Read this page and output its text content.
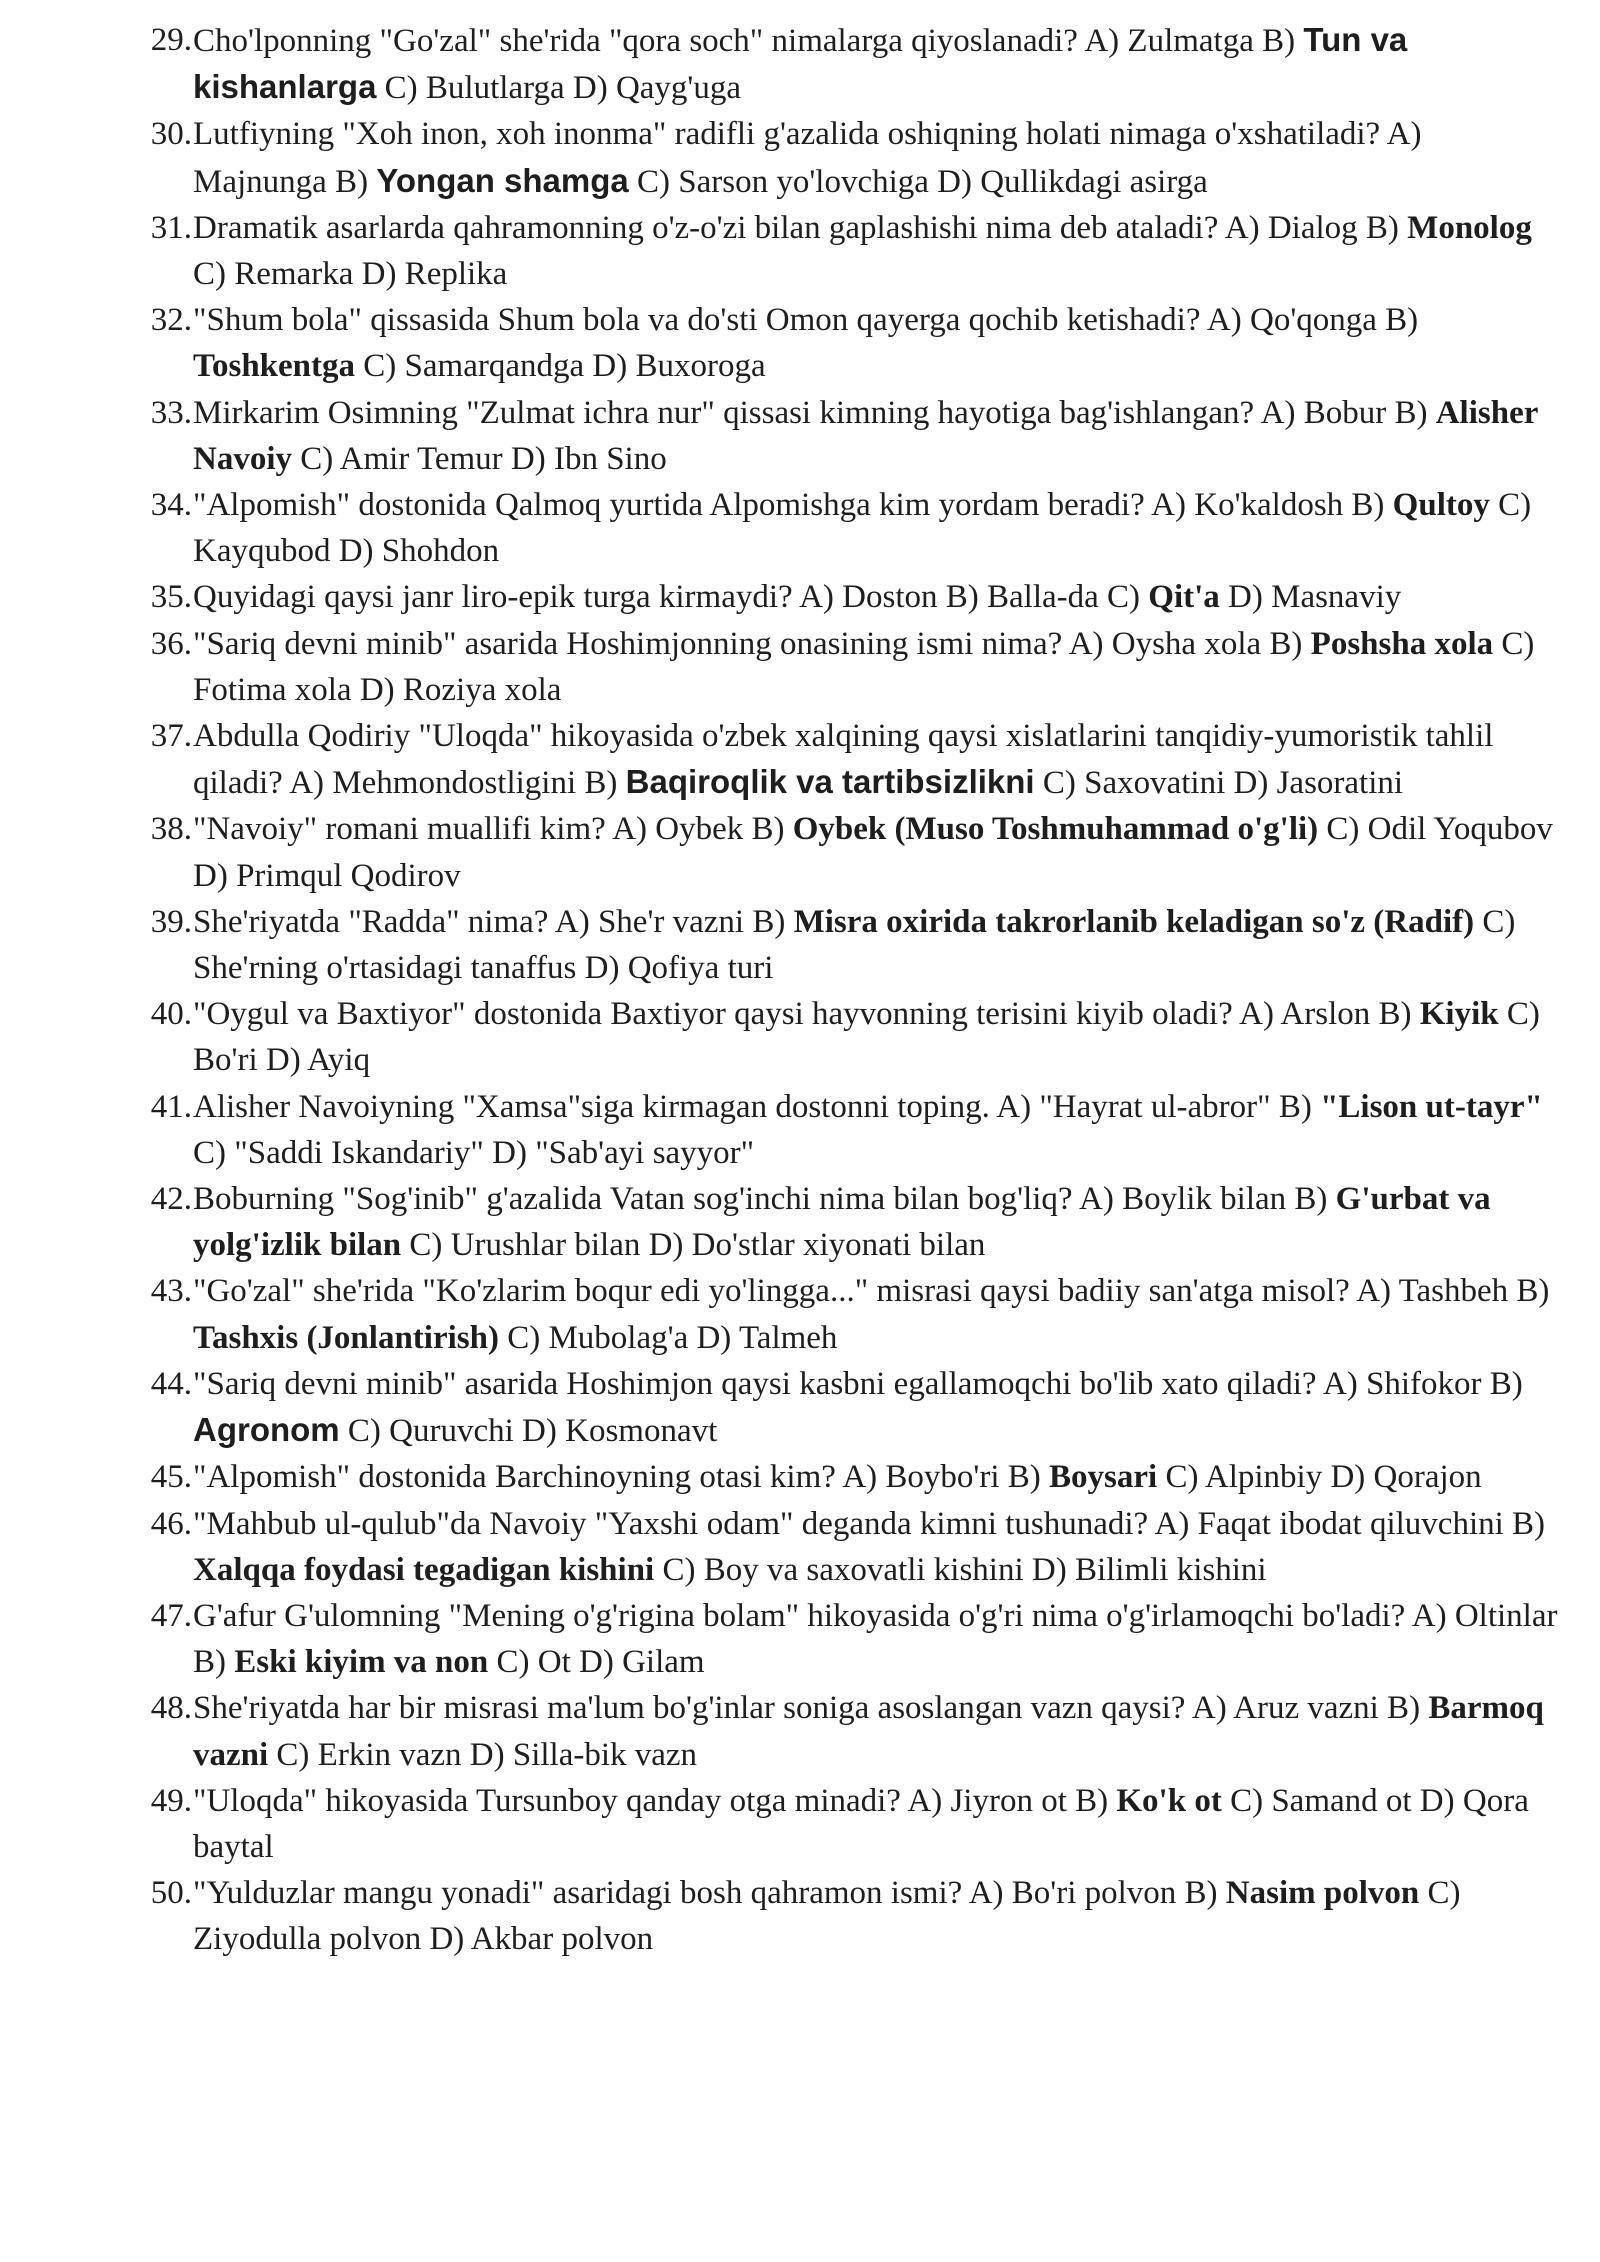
29. Cho'lponning "Go'zal" she'rida "qora soch" nimalarga qiyoslanadi? A) Zulmatga B) Tun va kishanlarga C) Bulutlarga D) Qayg'uga
30. Lutfiyning "Xoh inon, xoh inonma" radifli g'azalida oshiqning holati nimaga o'xshatiladi? A) Majnunga B) Yongan shamga C) Sarson yo'lovchiga D) Qullikdagi asirga
31. Dramatik asarlarda qahramonning o'z-o'zi bilan gaplashishi nima deb ataladi? A) Dialog B) Monolog C) Remarka D) Replika
32. "Shum bola" qissasida Shum bola va do'sti Omon qayerga qochib ketishadi? A) Qo'qonga B) Toshkentga C) Samarqandga D) Buxoroga
33. Mirkarim Osimning "Zulmat ichra nur" qissasi kimning hayotiga bag'ishlangan? A) Bobur B) Alisher Navoiy C) Amir Temur D) Ibn Sino
34. "Alpomish" dostonida Qalmoq yurtida Alpomishga kim yordam beradi? A) Ko'kaldosh B) Qultoy C) Kayqubod D) Shohdon
35. Quyidagi qaysi janr liro-epik turga kirmaydi? A) Doston B) Balla-da C) Qit'a D) Masnaviy
36. "Sariq devni minib" asarida Hoshimjonning onasining ismi nima? A) Oysha xola B) Poshsha xola C) Fotima xola D) Roziya xola
37. Abdulla Qodiriy "Uloqda" hikoyasida o'zbek xalqining qaysi xislatlarini tanqidiy-yumoristik tahlil qiladi? A) Mehmondostligini B) Baqiroqlik va tartibsizlikni C) Saxovatini D) Jasoratini
38. "Navoiy" romani muallifi kim? A) Oybek B) Oybek (Muso Toshmuhammad o'g'li) C) Odil Yoqubov D) Primqul Qodirov
39. She'riyatda "Radda" nima? A) She'r vazni B) Misra oxirida takrorlanib keladigan so'z (Radif) C) She'rning o'rtasidagi tanaffus D) Qofiya turi
40. "Oygul va Baxtiyor" dostonida Baxtiyor qaysi hayvonning terisini kiyib oladi? A) Arslon B) Kiyik C) Bo'ri D) Ayiq
41. Alisher Navoiyning "Xamsa"siga kirmagan dostonni toping. A) "Hayrat ul-abror" B) "Lison ut-tayr" C) "Saddi Iskandariy" D) "Sab'ayi sayyor"
42. Boburning "Sog'inib" g'azalida Vatan sog'inchi nima bilan bog'liq? A) Boylik bilan B) G'urbat va yolg'izlik bilan C) Urushlar bilan D) Do'stlar xiyonati bilan
43. "Go'zal" she'rida "Ko'zlarim boqur edi yo'lingga..." misrasi qaysi badiiy san'atga misol? A) Tashbeh B) Tashxis (Jonlantirish) C) Mubolag'a D) Talmeh
44. "Sariq devni minib" asarida Hoshimjon qaysi kasbni egallamoqchi bo'lib xato qiladi? A) Shifokor B) Agronom C) Quruvchi D) Kosmonavt
45. "Alpomish" dostonida Barchinoyning otasi kim? A) Boybo'ri B) Boysari C) Alpinbiy D) Qorajon
46. "Mahbub ul-qulub"da Navoiy "Yaxshi odam" deganda kimni tushunadi? A) Faqat ibodat qiluvchini B) Xalqqa foydasi tegadigan kishini C) Boy va saxovatli kishini D) Bilimli kishini
47. G'afur G'ulomning "Mening o'g'rigina bolam" hikoyasida o'g'ri nima o'g'irlamoqchi bo'ladi? A) Oltinlar B) Eski kiyim va non C) Ot D) Gilam
48. She'riyatda har bir misrasi ma'lum bo'g'inlar soniga asoslangan vazn qaysi? A) Aruz vazni B) Barmoq vazni C) Erkin vazn D) Silla-bik vazn
49. "Uloqda" hikoyasida Tursunboy qanday otga minadi? A) Jiyron ot B) Ko'k ot C) Samand ot D) Qora baytal
50. "Yulduzlar mangu yonadi" asaridagi bosh qahramon ismi? A) Bo'ri polvon B) Nasim polvon C) Ziyodulla polvon D) Akbar polvon
